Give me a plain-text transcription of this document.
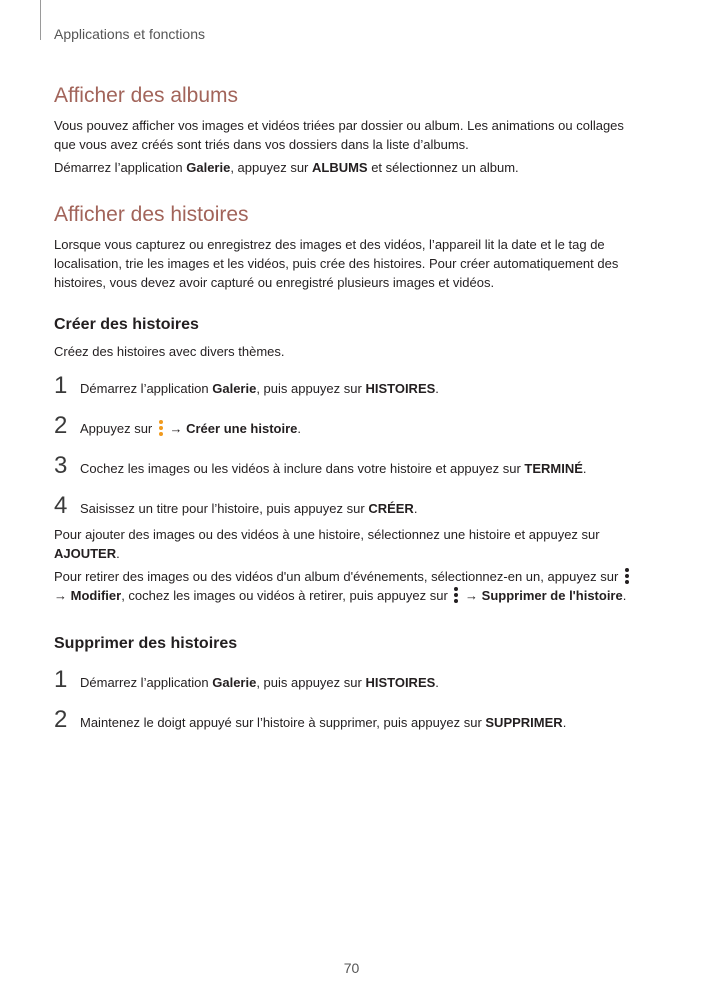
Applications et fonctions
Afficher des albums

Vous pouvez afficher vos images et vidéos triées par dossier ou album. Les animations ou collages que vous avez créés sont triés dans vos dossiers dans la liste d’albums.

Démarrez l’application Galerie, appuyez sur ALBUMS et sélectionnez un album.

Afficher des histoires

Lorsque vous capturez ou enregistrez des images et des vidéos, l’appareil lit la date et le tag de localisation, trie les images et les vidéos, puis crée des histoires. Pour créer automatiquement des histoires, vous devez avoir capturé ou enregistré plusieurs images et vidéos.

Créer des histoires

Créez des histoires avec divers thèmes.

1 Démarrez l’application Galerie, puis appuyez sur HISTOIRES.
2 Appuyez sur
→ Créer une histoire.
3 Cochez les images ou les vidéos à inclure dans votre histoire et appuyez sur TERMINÉ.
4 Saisissez un titre pour l’histoire, puis appuyez sur CRÉER.

Pour ajouter des images ou des vidéos à une histoire, sélectionnez une histoire et appuyez sur AJOUTER.

Pour retirer des images ou des vidéos d'un album d'événements, sélectionnez-en un, appuyez sur
→ Modifier, cochez les images ou vidéos à retirer, puis appuyez sur
→ Supprimer de l'histoire.

Supprimer des histoires
1 Démarrez l’application Galerie, puis appuyez sur HISTOIRES.
2 Maintenez le doigt appuyé sur l’histoire à supprimer, puis appuyez sur SUPPRIMER.
70
